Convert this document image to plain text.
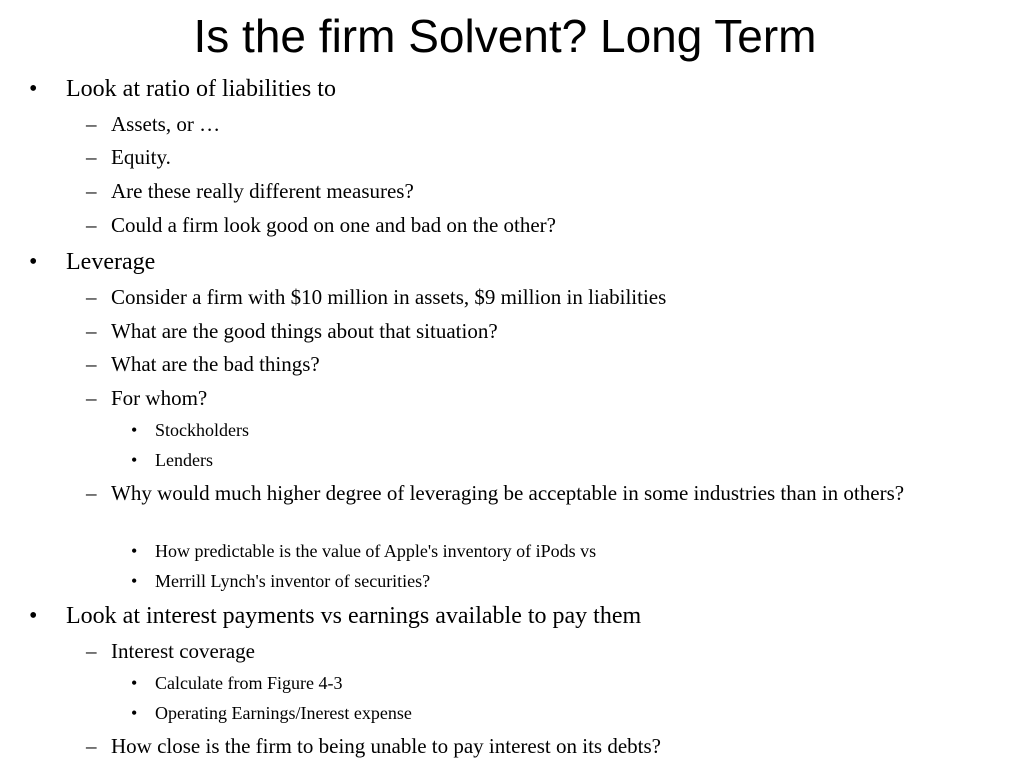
Is the firm Solvent? Long Term
• Look at ratio of liabilities to
– Assets, or …
– Equity.
– Are these really different measures?
– Could a firm look good on one and bad on the other?
• Leverage
– Consider a firm with $10 million in assets, $9 million in liabilities
– What are the good things about that situation?
– What are the bad things?
– For whom?
• Stockholders
• Lenders
– Why would much higher degree of leveraging be acceptable in some industries than in others?
• How predictable is the value of Apple's inventory of iPods vs
• Merrill Lynch's inventor of securities?
• Look at interest payments vs earnings available to pay them
– Interest coverage
• Calculate from Figure 4-3
• Operating Earnings/Inerest expense
– How close is the firm to being unable to pay interest on its debts?
